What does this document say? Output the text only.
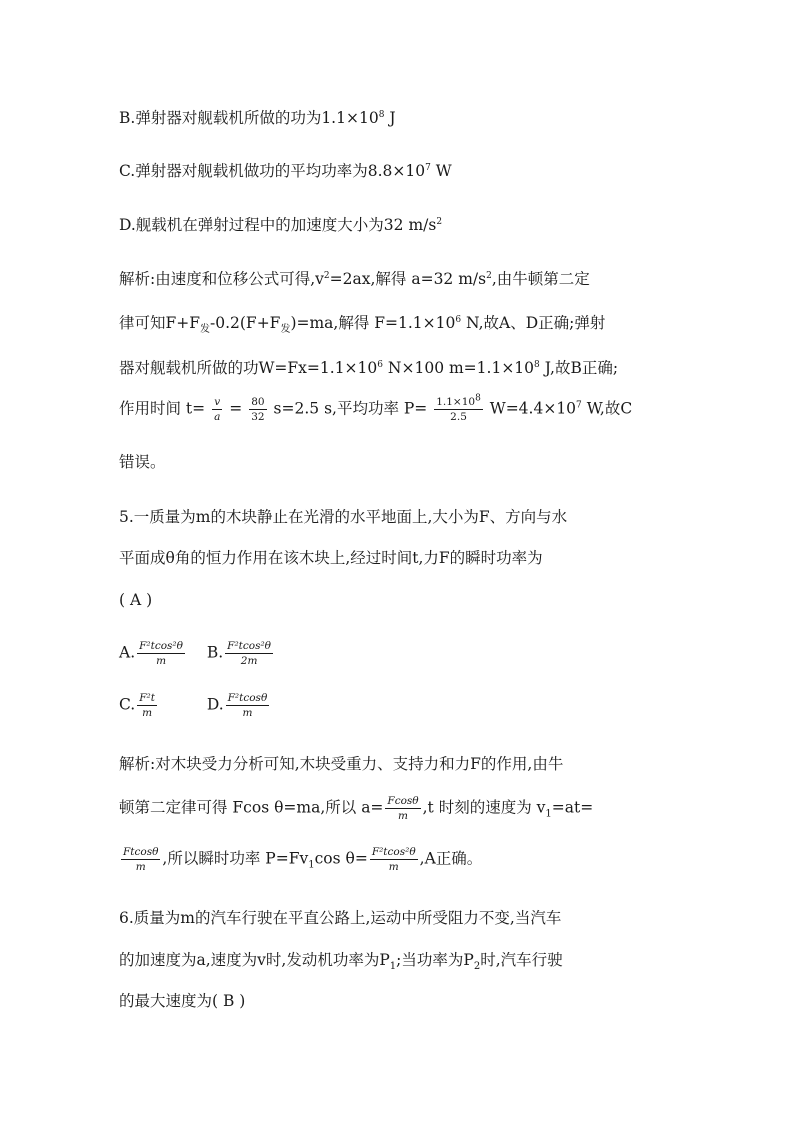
B.弹射器对舰载机所做的功为$1.1\times 10^8$ J
C.弹射器对舰载机做功的平均功率为$8.8\times 10^7$ W
D.舰载机在弹射过程中的加速度大小为32 $m/s^2$
解析:由速度和位移公式可得$,v^2=2ax$,解得 a=32 $m/s^2$,由牛顿第二定
律可知$F+F_发-0.2(F+F_发)=ma$,解得 $F=1.1\times 10^6$ N,故A、D正确;弹射
器对舰载机所做的功$W=Fx=1.1\times 10^6$ N×100 $m=1.1\times 10^8$ J,故B正确;
作用时间 $t= \frac{v}{a} = \frac{80}{32} s=2.5$ s,平均功率 $P= \frac{1.1\times 10^8}{2.5} W=4.4\times 10^7$ W,故C
错误。
5.一质量为m的木块静止在光滑的水平地面上,大小为F、方向与水
平面成θ角的恒力作用在该木块上,经过时间t,力F的瞬时功率为
( A )
A. $\frac{\text{F²tcos²θ}}{m} B$. $\frac{\text{F²tcos²θ}}{2m}$
C. $\frac{\text{F²t}}{m}$	D. $\frac{\text{F²tcosθ}}{m}$
解析:对木块受力分析可知,木块受重力、支持力和力F的作用,由牛
顿第二定律可得 Fcos θ=ma,所以 $a= \frac{Fcos\theta}{m} ,t$ 时刻的速度为 $v_1=at=$
$\frac{Ftcos\theta}{m}$ ,所以瞬时功率 $P=Fv_1\cos$ $\theta= \frac{\text{F²tcos²θ}}{m} ,A$正确。
6.质量为m的汽车行驶在平直公路上,运动中所受阻力不变,当汽车
的加速度为a,速度为v时,发动机功率为$P_1$;当功率为$P_2$时,汽车行驶
的最大速度为( B )
